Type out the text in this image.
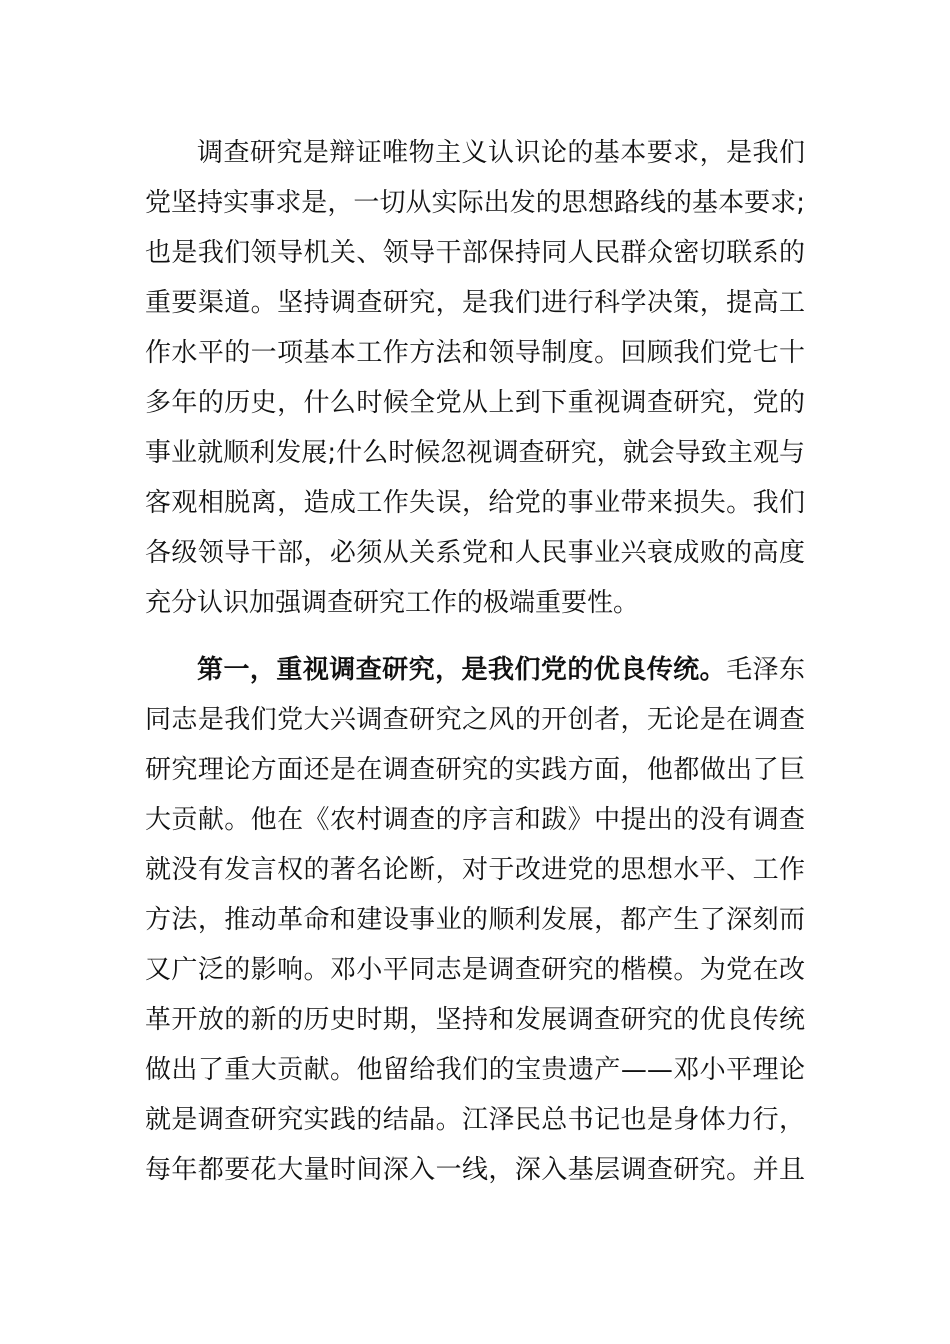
调查研究是辩证唯物主义认识论的基本要求，是我们
党坚持实事求是，一切从实际出发的思想路线的基本要求;
也是我们领导机关、领导干部保持同人民群众密切联系的
重要渠道。坚持调查研究，是我们进行科学决策，提高工
作水平的一项基本工作方法和领导制度。回顾我们党七十
多年的历史，什么时候全党从上到下重视调查研究，党的
事业就顺利发展;什么时候忽视调查研究，就会导致主观与
客观相脱离，造成工作失误，给党的事业带来损失。我们
各级领导干部，必须从关系党和人民事业兴衰成败的高度
充分认识加强调查研究工作的极端重要性。
第一，重视调查研究，是我们党的优良传统。毛泽东
同志是我们党大兴调查研究之风的开创者，无论是在调查
研究理论方面还是在调查研究的实践方面，他都做出了巨
大贡献。他在《农村调查的序言和跋》中提出的没有调查
就没有发言权的著名论断，对于改进党的思想水平、工作
方法，推动革命和建设事业的顺利发展，都产生了深刻而
又广泛的影响。邓小平同志是调查研究的楷模。为党在改
革开放的新的历史时期，坚持和发展调查研究的优良传统
做出了重大贡献。他留给我们的宝贵遗产——邓小平理论
就是调查研究实践的结晶。江泽民总书记也是身体力行，
每年都要花大量时间深入一线，深入基层调查研究。并且
